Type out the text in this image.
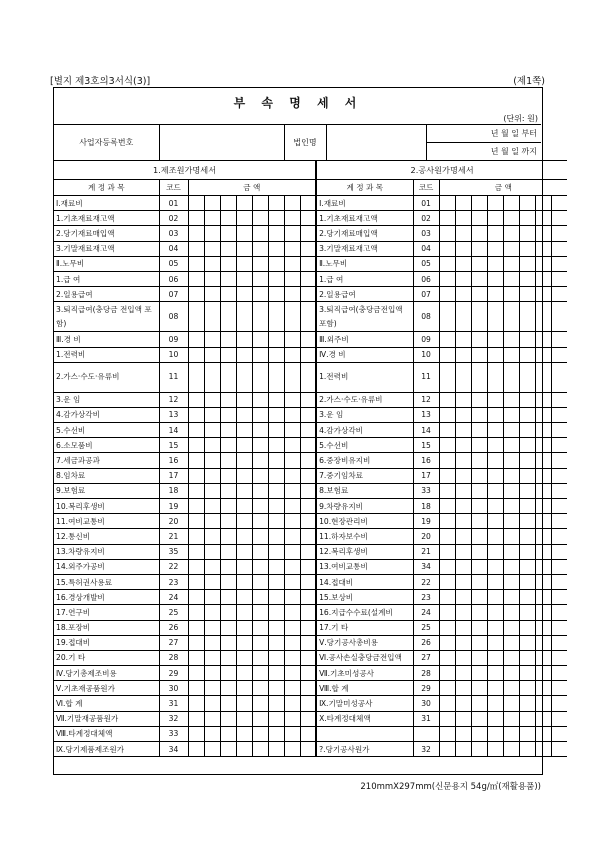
[별지 제3호의3서식(3)]	(제1쪽)
부 속 명 세 서
(단위: 원)
사업자등록번호		법인명		
년 월 일 부터
년 월 일 까지
1.제조원가명세서										2.공사원가명세서									
계 정 과 목	코드	금 액								계 정 과 목	코드	금 액							
Ⅰ.재료비	01									Ⅰ.재료비	01								
1.기초재료재고액	02									1.기초재료재고액	02								
2.당기재료매입액	03									2.당기재료매입액	03								
3.기말재료재고액	04									3.기말재료재고액	04								
Ⅱ.노무비	05									Ⅱ.노무비	05								
1.급 여	06									1.급 여	06								
2.일용급여	07									2.일용급여	07								
3.퇴직급여(충당금 전입액 포함)	08									3.퇴직급여(충당금전입액 포함)	08								
Ⅲ.경 비	09									Ⅲ.외주비	09								
1.전력비	10									Ⅳ.경 비	10								
2.가스·수도·유류비	11									1.전력비	11								
3.운 임	12									2.가스·수도·유류비	12								
4.감가상각비	13									3.운 임	13								
5.수선비	14									4.감가상각비	14								
6.소모품비	15									5.수선비	15								
7.세금과공과	16									6.중장비유지비	16								
8.임차료	17									7.중기임차료	17								
9.보험료	18									8.보험료	33								
10.복리후생비	19									9.차량유지비	18								
11.여비교통비	20									10.현장관리비	19								
12.통신비	21									11.하자보수비	20								
13.차량유지비	35									12.복리후생비	21								
14.외주가공비	22									13.여비교통비	34								
15.특허권사용료	23									14.접대비	22								
16.경상개발비	24									15.보상비	23								
17.연구비	25									16.지급수수료(설계비	24								
18.포장비	26									17.기 타	25								
19.접대비	27									Ⅴ.당기공사총비용	26								
20.기 타	28									Ⅵ.공사손실충당금전입액	27								
Ⅳ.당기총제조비용	29									Ⅶ.기초미성공사	28								
Ⅴ.기초재공품원가	30									Ⅷ.합 계	29								
Ⅵ.합 계	31									Ⅸ.기말미성공사	30								
Ⅶ.기말재공품원가	32									Ⅹ.타계정대체액	31								
Ⅷ.타계정대체액	33																		
Ⅸ.당기제품제조원가	34									?.당기공사원가	32								
210mmX297mm(신문용지 54g/㎡(재활용품))
